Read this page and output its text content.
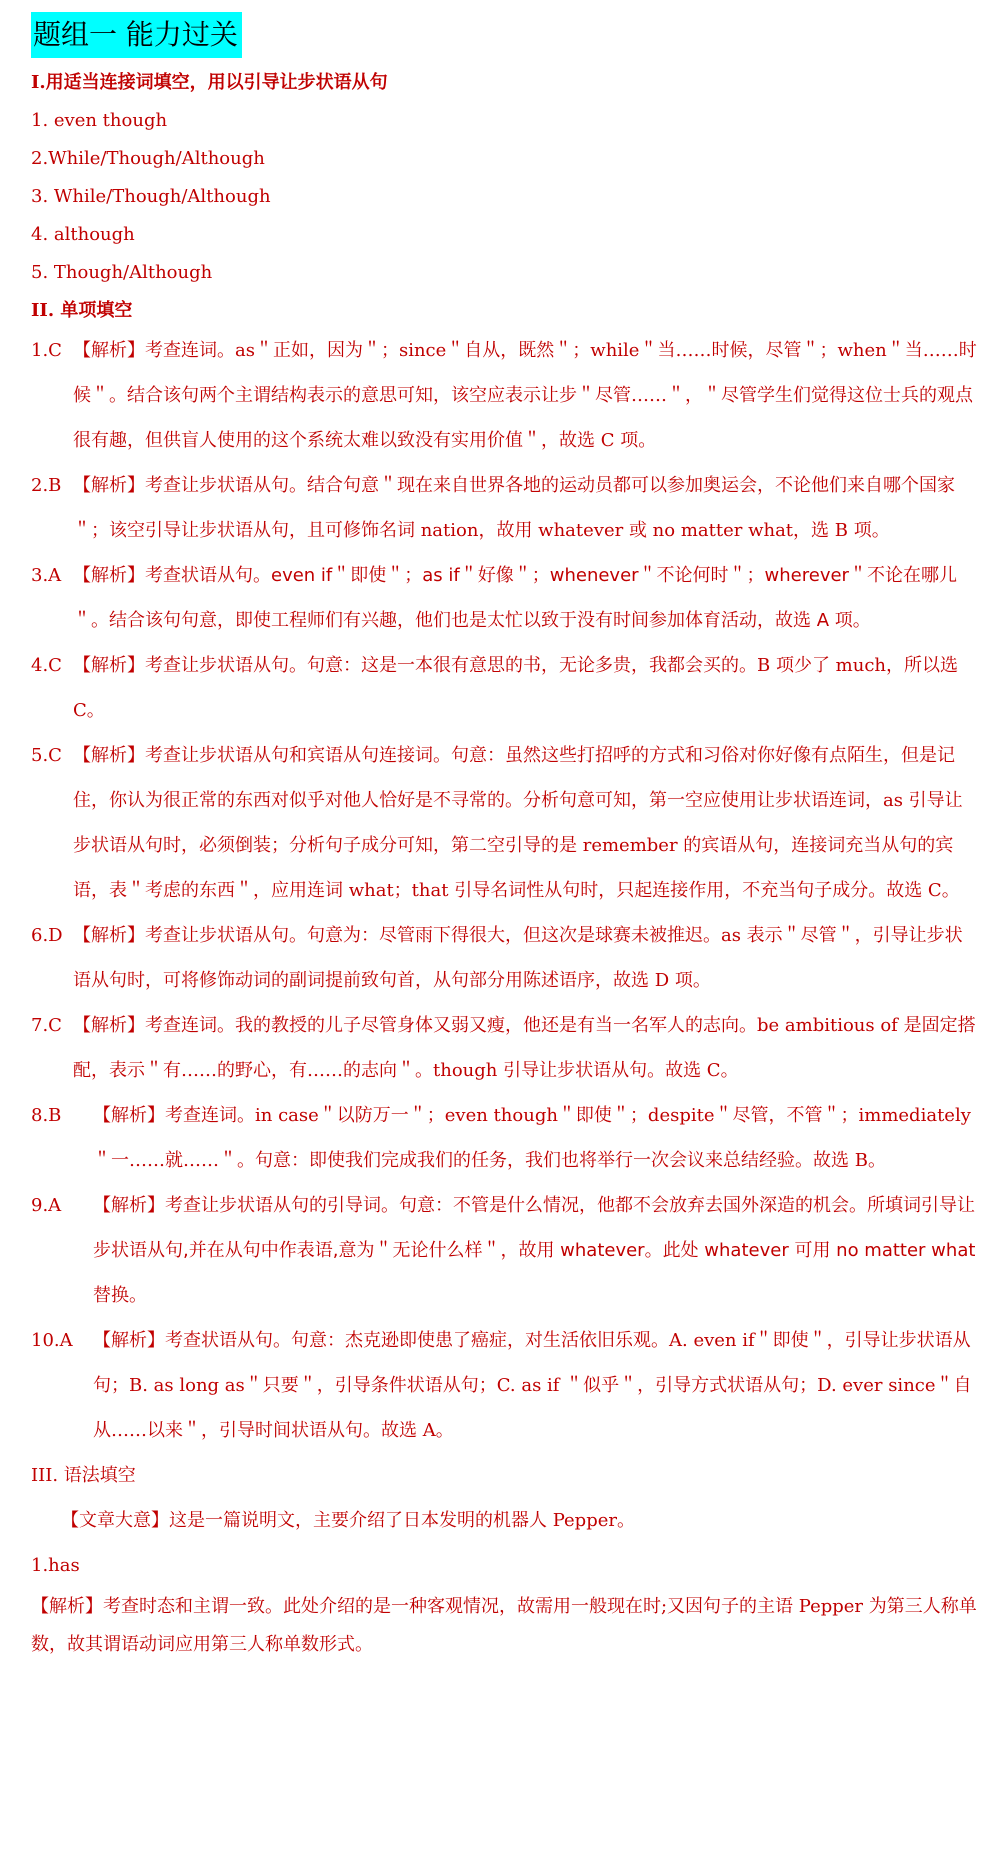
题组一 能力过关

I.用适当连接词填空，用以引导让步状语从句

1. even though

2.While/Though/Although

3. While/Though/Although

4. although

5. Though/Although

II. 单项填空

1.C 【解析】考查连词。as＂正如，因为＂；since＂自从，既然＂；while＂当……时候，尽管＂；when＂当……时候＂。结合该句两个主谓结构表示的意思可知，该空应表示让步＂尽管……＂，＂尽管学生们觉得这位士兵的观点很有趣，但供盲人使用的这个系统太难以致没有实用价值＂，故选 C 项。
2.B 【解析】考查让步状语从句。结合句意＂现在来自世界各地的运动员都可以参加奥运会，不论他们来自哪个国家＂；该空引导让步状语从句，且可修饰名词 nation，故用 whatever 或 no matter what，选 B 项。
3.A 【解析】考查状语从句。even if＂即使＂；as if＂好像＂；whenever＂不论何时＂；wherever＂不论在哪儿＂。结合该句句意，即使工程师们有兴趣，他们也是太忙以致于没有时间参加体育活动，故选 A 项。
4.C 【解析】考查让步状语从句。句意：这是一本很有意思的书，无论多贵，我都会买的。B 项少了 much，所以选 C。
5.C 【解析】考查让步状语从句和宾语从句连接词。句意：虽然这些打招呼的方式和习俗对你好像有点陌生，但是记住，你认为很正常的东西对似乎对他人恰好是不寻常的。分析句意可知，第一空应使用让步状语连词，as 引导让步状语从句时，必须倒装；分析句子成分可知，第二空引导的是 remember 的宾语从句，连接词充当从句的宾语，表＂考虑的东西＂，应用连词 what；that 引导名词性从句时，只起连接作用，不充当句子成分。故选 C。
6.D 【解析】考查让步状语从句。句意为：尽管雨下得很大，但这次是球赛未被推迟。as 表示＂尽管＂，引导让步状语从句时，可将修饰动词的副词提前致句首，从句部分用陈述语序，故选 D 项。
7.C 【解析】考查连词。我的教授的儿子尽管身体又弱又瘦，他还是有当一名军人的志向。be ambitious of 是固定搭配，表示＂有……的野心，有……的志向＂。though 引导让步状语从句。故选 C。
8.B	【解析】考查连词。in case＂以防万一＂；even though＂即使＂；despite＂尽管，不管＂；immediately＂一……就……＂。句意：即使我们完成我们的任务，我们也将举行一次会议来总结经验。故选 B。
9.A	【解析】考查让步状语从句的引导词。句意：不管是什么情况，他都不会放弃去国外深造的机会。所填词引导让步状语从句,并在从句中作表语,意为＂无论什么样＂，故用 whatever。此处 whatever 可用 no matter what 替换。
10.A	【解析】考查状语从句。句意：杰克逊即使患了癌症，对生活依旧乐观。A. even if＂即使＂，引导让步状语从句；B. as long as＂只要＂，引导条件状语从句；C. as if ＂似乎＂，引导方式状语从句；D. ever since＂自从……以来＂，引导时间状语从句。故选 A。

III. 语法填空

【文章大意】这是一篇说明文，主要介绍了日本发明的机器人 Pepper。

1.has

【解析】考查时态和主谓一致。此处介绍的是一种客观情况，故需用一般现在时;又因句子的主语 Pepper 为第三人称单数，故其谓语动词应用第三人称单数形式。
